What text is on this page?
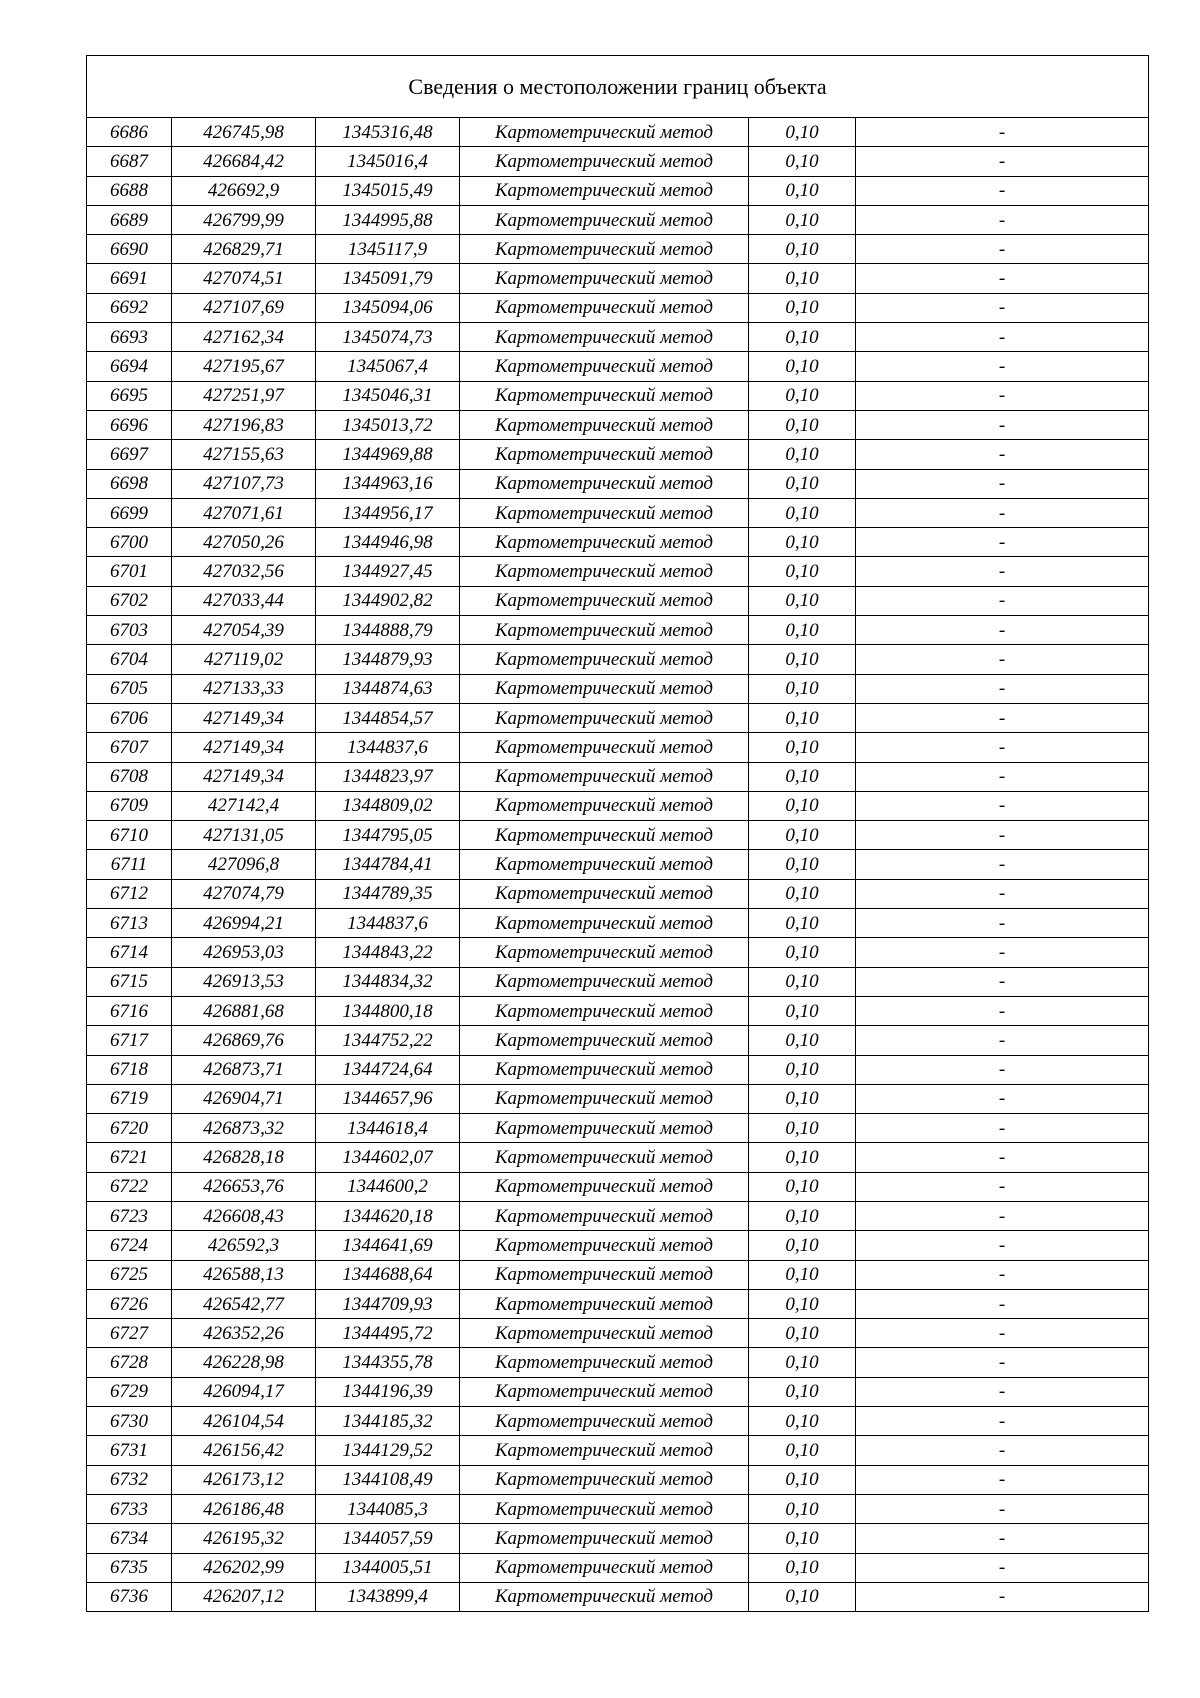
Сведения о местоположении границ объекта					
6686	426745,98	1345316,48	Картометрический метод	0,10	-
6687	426684,42	1345016,4	Картометрический метод	0,10	-
6688	426692,9	1345015,49	Картометрический метод	0,10	-
6689	426799,99	1344995,88	Картометрический метод	0,10	-
6690	426829,71	1345117,9	Картометрический метод	0,10	-
6691	427074,51	1345091,79	Картометрический метод	0,10	-
6692	427107,69	1345094,06	Картометрический метод	0,10	-
6693	427162,34	1345074,73	Картометрический метод	0,10	-
6694	427195,67	1345067,4	Картометрический метод	0,10	-
6695	427251,97	1345046,31	Картометрический метод	0,10	-
6696	427196,83	1345013,72	Картометрический метод	0,10	-
6697	427155,63	1344969,88	Картометрический метод	0,10	-
6698	427107,73	1344963,16	Картометрический метод	0,10	-
6699	427071,61	1344956,17	Картометрический метод	0,10	-
6700	427050,26	1344946,98	Картометрический метод	0,10	-
6701	427032,56	1344927,45	Картометрический метод	0,10	-
6702	427033,44	1344902,82	Картометрический метод	0,10	-
6703	427054,39	1344888,79	Картометрический метод	0,10	-
6704	427119,02	1344879,93	Картометрический метод	0,10	-
6705	427133,33	1344874,63	Картометрический метод	0,10	-
6706	427149,34	1344854,57	Картометрический метод	0,10	-
6707	427149,34	1344837,6	Картометрический метод	0,10	-
6708	427149,34	1344823,97	Картометрический метод	0,10	-
6709	427142,4	1344809,02	Картометрический метод	0,10	-
6710	427131,05	1344795,05	Картометрический метод	0,10	-
6711	427096,8	1344784,41	Картометрический метод	0,10	-
6712	427074,79	1344789,35	Картометрический метод	0,10	-
6713	426994,21	1344837,6	Картометрический метод	0,10	-
6714	426953,03	1344843,22	Картометрический метод	0,10	-
6715	426913,53	1344834,32	Картометрический метод	0,10	-
6716	426881,68	1344800,18	Картометрический метод	0,10	-
6717	426869,76	1344752,22	Картометрический метод	0,10	-
6718	426873,71	1344724,64	Картометрический метод	0,10	-
6719	426904,71	1344657,96	Картометрический метод	0,10	-
6720	426873,32	1344618,4	Картометрический метод	0,10	-
6721	426828,18	1344602,07	Картометрический метод	0,10	-
6722	426653,76	1344600,2	Картометрический метод	0,10	-
6723	426608,43	1344620,18	Картометрический метод	0,10	-
6724	426592,3	1344641,69	Картометрический метод	0,10	-
6725	426588,13	1344688,64	Картометрический метод	0,10	-
6726	426542,77	1344709,93	Картометрический метод	0,10	-
6727	426352,26	1344495,72	Картометрический метод	0,10	-
6728	426228,98	1344355,78	Картометрический метод	0,10	-
6729	426094,17	1344196,39	Картометрический метод	0,10	-
6730	426104,54	1344185,32	Картометрический метод	0,10	-
6731	426156,42	1344129,52	Картометрический метод	0,10	-
6732	426173,12	1344108,49	Картометрический метод	0,10	-
6733	426186,48	1344085,3	Картометрический метод	0,10	-
6734	426195,32	1344057,59	Картометрический метод	0,10	-
6735	426202,99	1344005,51	Картометрический метод	0,10	-
6736	426207,12	1343899,4	Картометрический метод	0,10	-
